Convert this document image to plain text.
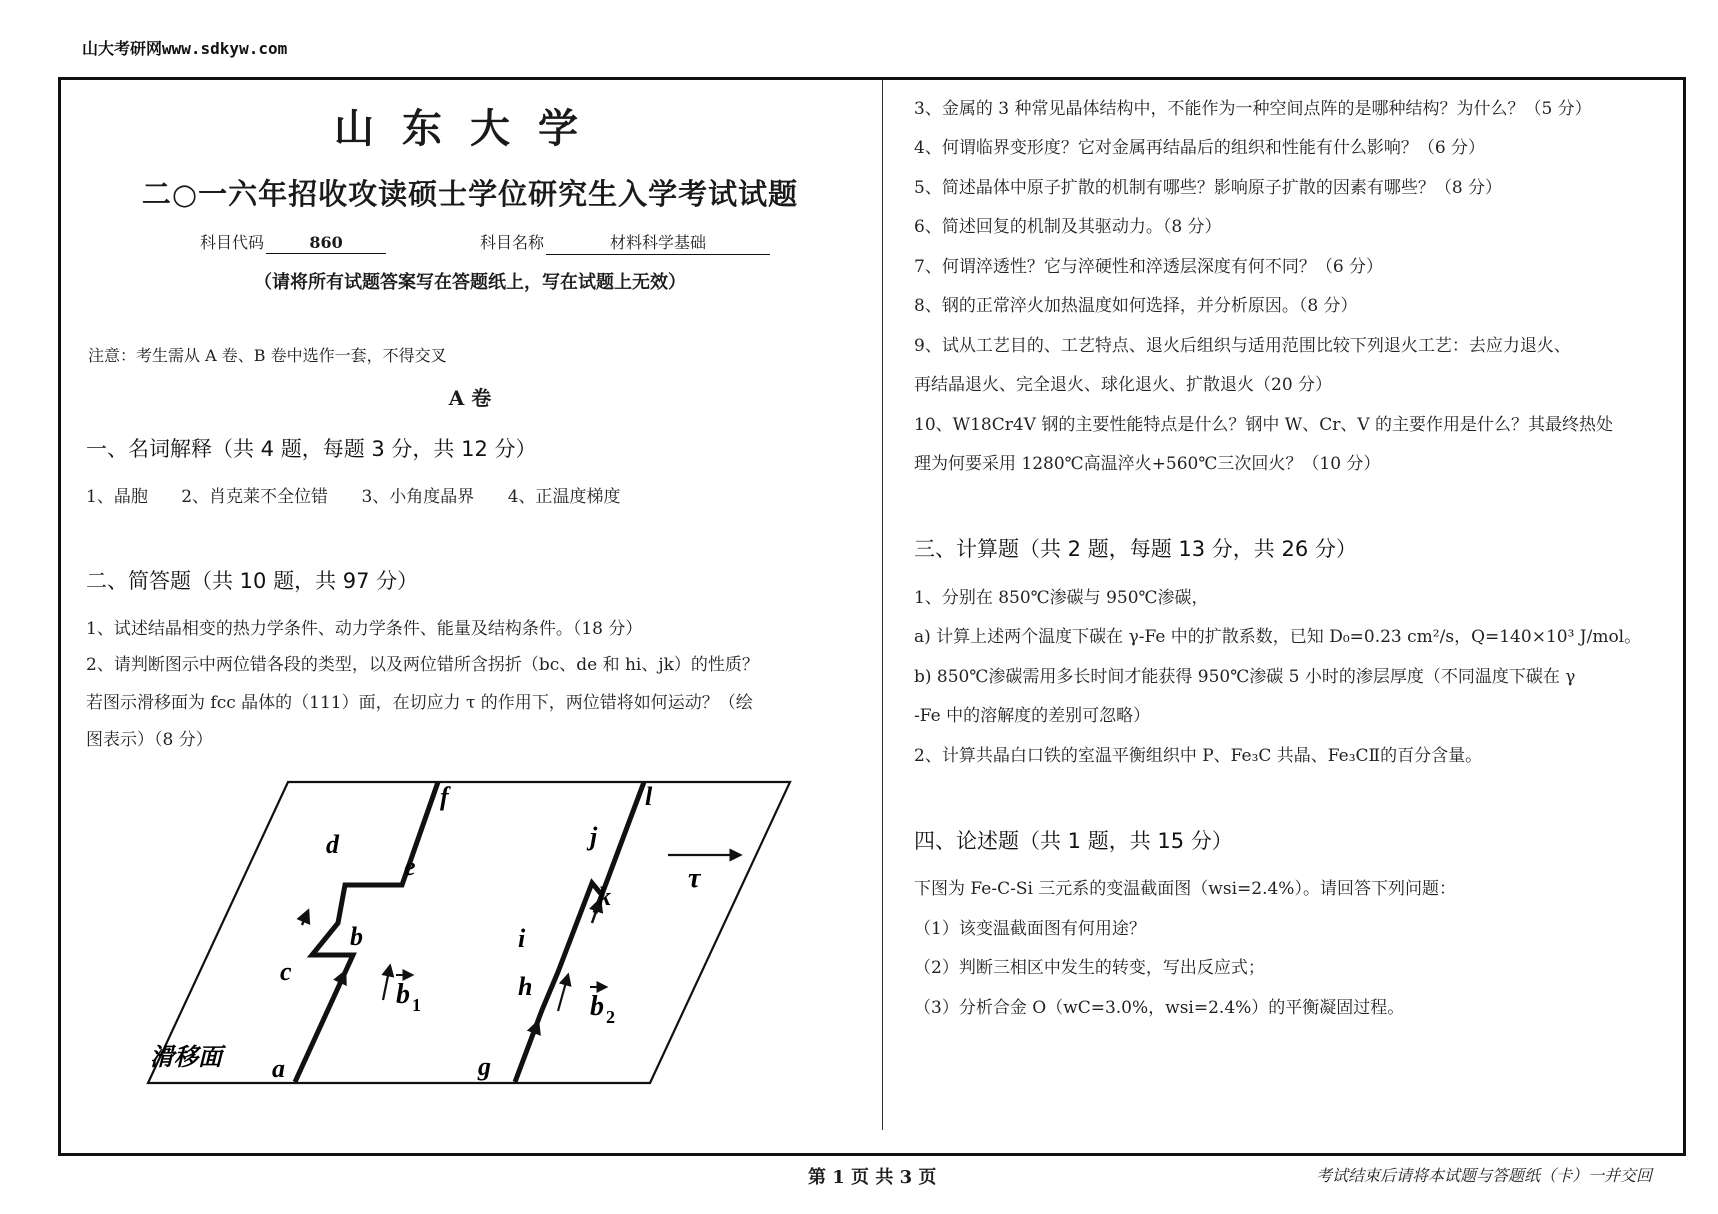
山大考研网www.sdkyw.com
山东大学
二○一六年招收攻读硕士学位研究生入学考试试题
科目代码	860	科目名称	材料科学基础
（请将所有试题答案写在答题纸上，写在试题上无效）
注意：考生需从 A 卷、B 卷中选作一套，不得交叉
A 卷
一、名词解释（共 4 题，每题 3 分，共 12 分）
1、晶胞 2、肖克莱不全位错 3、小角度晶界 4、正温度梯度
二、简答题（共 10 题，共 97 分）
1、试述结晶相变的热力学条件、动力学条件、能量及结构条件。（18 分）
2、请判断图示中两位错各段的类型，以及两位错所含拐折（bc、de 和 hi、jk）的性质？
若图示滑移面为 fcc 晶体的（111）面，在切应力 τ 的作用下，两位错将如何运动？（绘
图表示）（8 分）
滑移面 a
b
c
d
e
f
g
h
i
j
k
l
b 1	b 2
τ
3、金属的 3 种常见晶体结构中，不能作为一种空间点阵的是哪种结构？为什么？（5 分）
4、何谓临界变形度？它对金属再结晶后的组织和性能有什么影响？（6 分）
5、简述晶体中原子扩散的机制有哪些？影响原子扩散的因素有哪些？（8 分）
6、简述回复的机制及其驱动力。（8 分）
7、何谓淬透性？它与淬硬性和淬透层深度有何不同？（6 分）
8、钢的正常淬火加热温度如何选择，并分析原因。（8 分）
9、试从工艺目的、工艺特点、退火后组织与适用范围比较下列退火工艺：去应力退火、
再结晶退火、完全退火、球化退火、扩散退火（20 分）
10、W18Cr4V 钢的主要性能特点是什么？钢中 W、Cr、V 的主要作用是什么？其最终热处
理为何要采用 1280℃高温淬火+560℃三次回火？（10 分）
三、计算题（共 2 题，每题 13 分，共 26 分）
1、分别在 850℃渗碳与 950℃渗碳，
a) 计算上述两个温度下碳在 γ-Fe 中的扩散系数，已知 D₀=0.23 cm²/s，Q=140×10³ J/mol。
b) 850℃渗碳需用多长时间才能获得 950℃渗碳 5 小时的渗层厚度（不同温度下碳在 γ
-Fe 中的溶解度的差别可忽略）
2、计算共晶白口铁的室温平衡组织中 P、Fe₃C 共晶、Fe₃CⅡ的百分含量。
四、论述题（共 1 题，共 15 分）
下图为 Fe-C-Si 三元系的变温截面图（wsi=2.4%）。请回答下列问题：
（1）该变温截面图有何用途？
（2）判断三相区中发生的转变，写出反应式；
（3）分析合金 O（wC=3.0%，wsi=2.4%）的平衡凝固过程。
第 1 页 共 3 页	考试结束后请将本试题与答题纸（卡）一并交回
